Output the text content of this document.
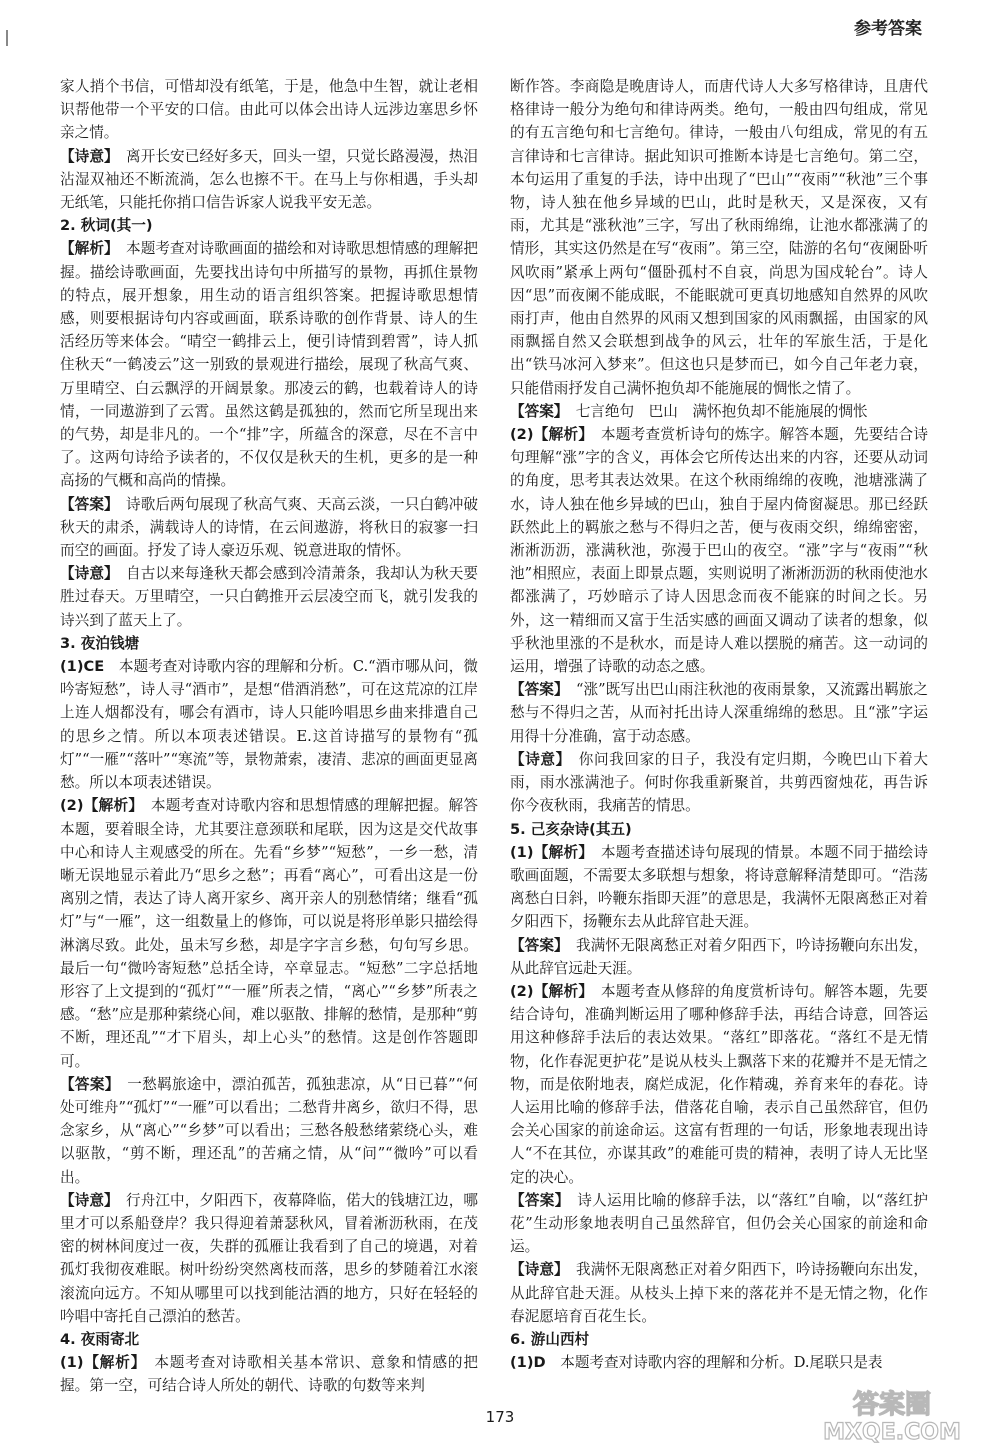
参考答案

家人捎个书信，可惜却没有纸笔，于是，他急中生智，就让老相识帮他带一个平安的口信。由此可以体会出诗人远涉边塞思乡怀亲之情。

【诗意】　 离开长安已经好多天，回头一望，只觉长路漫漫，热泪沾湿双袖还不断流淌，怎么也擦不干。在马上与你相遇，手头却无纸笔，只能托你捎口信告诉家人说我平安无恙。

2. 秋词(其一)

【解析】　 本题考查对诗歌画面的描绘和对诗歌思想情感的理解把握。描绘诗歌画面，先要找出诗句中所描写的景物，再抓住景物的特点，展开想象，用生动的语言组织答案。把握诗歌思想情感，则要根据诗句内容或画面，联系诗歌的创作背景、诗人的生活经历等来体会。“晴空一鹤排云上，便引诗情到碧霄”，诗人抓住秋天“一鹤凌云”这一别致的景观进行描绘，展现了秋高气爽、万里晴空、白云飘浮的开阔景象。那凌云的鹤，也载着诗人的诗情，一同遨游到了云霄。虽然这鹤是孤独的，然而它所呈现出来的气势，却是非凡的。一个“排”字，所蕴含的深意，尽在不言中了。这两句诗给予读者的，不仅仅是秋天的生机，更多的是一种高扬的气概和高尚的情操。

【答案】　 诗歌后两句展现了秋高气爽、天高云淡，一只白鹤冲破秋天的肃杀，满载诗人的诗情，在云间遨游，将秋日的寂寥一扫而空的画面。抒发了诗人豪迈乐观、锐意进取的情怀。

【诗意】　 自古以来每逢秋天都会感到冷清萧条，我却认为秋天要胜过春天。万里晴空，一只白鹤推开云层凌空而飞，就引发我的诗兴到了蓝天上了。

3. 夜泊钱塘

(1)CE　 本题考查对诗歌内容的理解和分析。C.“酒市哪从问，微吟寄短愁”，诗人寻“酒市”，是想“借酒消愁”，可在这荒凉的江岸上连人烟都没有，哪会有酒市，诗人只能吟唱思乡曲来排遣自己的思乡之情。所以本项表述错误。E.这首诗描写的景物有“孤灯”“一雁”“落叶”“寒流”等，景物萧索，凄清、悲凉的画面更显离愁。所以本项表述错误。

(2)【解析】　 本题考查对诗歌内容和思想情感的理解把握。解答本题，要着眼全诗，尤其要注意颈联和尾联，因为这是交代故事中心和诗人主观感受的所在。先看“乡梦”“短愁”，一乡一愁，清晰无误地显示着此乃“思乡之愁”；再看“离心”，可看出这是一份离别之情，表达了诗人离开家乡、离开亲人的别愁情绪；继看“孤灯”与“一雁”，这一组数量上的修饰，可以说是将形单影只描绘得淋漓尽致。此处，虽未写乡愁，却是字字言乡愁，句句写乡思。最后一句“微吟寄短愁”总括全诗，卒章显志。“短愁”二字总括地形容了上文提到的“孤灯”“一雁”所表之情，“离心”“乡梦”所表之感。“愁”应是那种萦绕心间，难以驱散、排解的愁情，是那种“剪不断，理还乱”“才下眉头，却上心头”的愁情。这是创作答题即可。

【答案】　 一愁羁旅途中，漂泊孤苦，孤独悲凉，从“日已暮”“何处可维舟”“孤灯”“一雁”可以看出；二愁背井离乡，欲归不得，思念家乡，从“离心”“乡梦”可以看出；三愁各般愁绪萦绕心头，难以驱散，“剪不断，理还乱”的苦痛之情，从“问”“微吟”可以看出。

【诗意】　 行舟江中，夕阳西下，夜幕降临，偌大的钱塘江边，哪里才可以系船登岸？我只得迎着萧瑟秋风，冒着淅沥秋雨，在茂密的树林间度过一夜，失群的孤雁让我看到了自己的境遇，对着孤灯我彻夜难眠。树叶纷纷突然离枝而落，思乡的梦随着江水滚滚流向远方。不知从哪里可以找到能沽酒的地方，只好在轻轻的吟唱中寄托自己漂泊的愁苦。

4. 夜雨寄北

(1)【解析】　 本题考查对诗歌相关基本常识、意象和情感的把握。第一空，可结合诗人所处的朝代、诗歌的句数等来判

断作答。李商隐是晚唐诗人，而唐代诗人大多写格律诗，且唐代格律诗一般分为绝句和律诗两类。绝句，一般由四句组成，常见的有五言绝句和七言绝句。律诗，一般由八句组成，常见的有五言律诗和七言律诗。据此知识可推断本诗是七言绝句。第二空，本句运用了重复的手法，诗中出现了“巴山”“夜雨”“秋池”三个事物，诗人独在他乡异域的巴山，此时是秋天，又是深夜，又有雨，尤其是“涨秋池”三字，写出了秋雨绵绵，让池水都涨满了的情形，其实这仍然是在写“夜雨”。第三空，陆游的名句“夜阑卧听风吹雨”紧承上两句“僵卧孤村不自哀，尚思为国戍轮台”。诗人因“思”而夜阑不能成眠，不能眠就可更真切地感知自然界的风吹雨打声，他由自然界的风雨又想到国家的风雨飘摇，由国家的风雨飘摇自然又会联想到战争的风云，壮年的军旅生活，于是化出“铁马冰河入梦来”。但这也只是梦而已，如今自己年老力衰，只能借雨抒发自己满怀抱负却不能施展的惆怅之情了。

【答案】　 七言绝句　巴山　满怀抱负却不能施展的惆怅

(2)【解析】　 本题考查赏析诗句的炼字。解答本题，先要结合诗句理解“涨”字的含义，再体会它所传达出来的内容，还要从动词的角度，思考其表达效果。在这个秋雨绵绵的夜晚，池塘涨满了水，诗人独在他乡异域的巴山，独自于屋内倚窗凝思。那已经跃跃然此上的羁旅之愁与不得归之苦，便与夜雨交织，绵绵密密，淅淅沥沥，涨满秋池，弥漫于巴山的夜空。“涨”字与“夜雨”“秋池”相照应，表面上即景点题，实则说明了淅淅沥沥的秋雨使池水都涨满了，巧妙暗示了诗人因思念而夜不能寐的时间之长。另外，这一精细而又富于生活实感的画面又调动了读者的想象，似乎秋池里涨的不是秋水，而是诗人难以摆脱的痛苦。这一动词的运用，增强了诗歌的动态之感。

【答案】　 “涨”既写出巴山雨注秋池的夜雨景象，又流露出羁旅之愁与不得归之苦，从而衬托出诗人深重绵绵的愁思。且“涨”字运用得十分准确，富于动态感。

【诗意】　 你问我回家的日子，我没有定归期，今晚巴山下着大雨，雨水涨满池子。何时你我重新聚首，共剪西窗烛花，再告诉你今夜秋雨，我痛苦的情思。

5. 己亥杂诗(其五)

(1)【解析】　 本题考查描述诗句展现的情景。本题不同于描绘诗歌画面题，不需要太多联想与想象，将诗意解释清楚即可。“浩荡离愁白日斜，吟鞭东指即天涯”的意思是，我满怀无限离愁正对着夕阳西下，扬鞭东去从此辞官赴天涯。

【答案】　 我满怀无限离愁正对着夕阳西下，吟诗扬鞭向东出发，从此辞官远赴天涯。

(2)【解析】　 本题考查从修辞的角度赏析诗句。解答本题，先要结合诗句，准确判断运用了哪种修辞手法，再结合诗意，回答运用这种修辞手法后的表达效果。“落红”即落花。“落红不是无情物，化作春泥更护花”是说从枝头上飘落下来的花瓣并不是无情之物，而是依附地表，腐烂成泥，化作精魂，养育来年的春花。诗人运用比喻的修辞手法，借落花自喻，表示自己虽然辞官，但仍会关心国家的前途命运。这富有哲理的一句话，形象地表现出诗人“不在其位，亦谋其政”的难能可贵的精神，表明了诗人无比坚定的决心。

【答案】　 诗人运用比喻的修辞手法，以“落红”自喻，以“落红护花”生动形象地表明自己虽然辞官，但仍会关心国家的前途和命运。

【诗意】　 我满怀无限离愁正对着夕阳西下，吟诗扬鞭向东出发，从此辞官赴天涯。从枝头上掉下来的落花并不是无情之物，化作春泥愿培育百花生长。

6. 游山西村

(1)D　 本题考查对诗歌内容的理解和分析。D.尾联只是表

173	答案圈
MXQE.COM
